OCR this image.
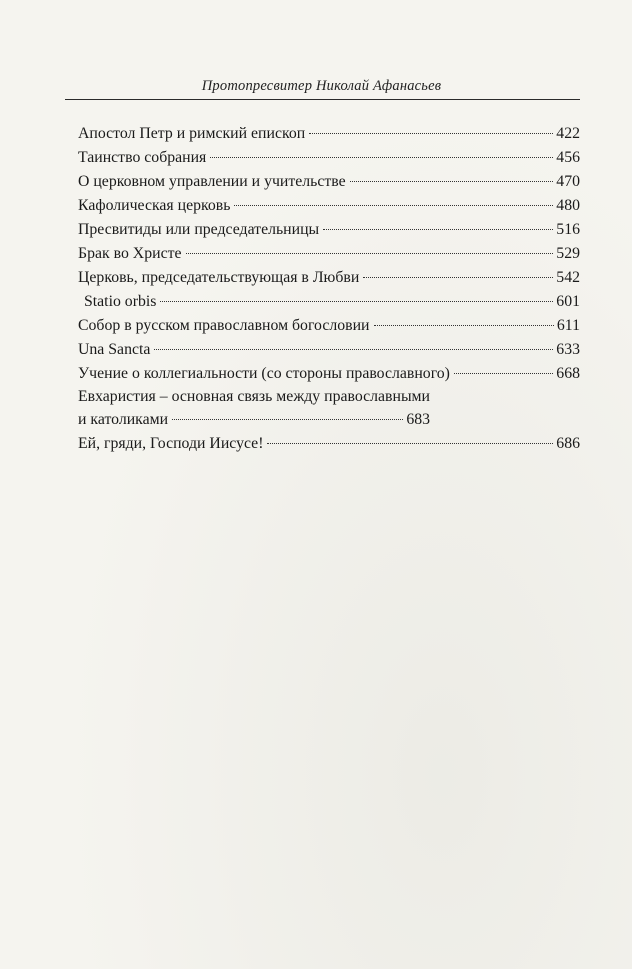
Протопресвитер Николай Афанасьев
Апостол Петр и римский епископ	422
Таинство собрания	456
О церковном управлении и учительстве	470
Кафолическая церковь	480
Пресвитиды или председательницы	516
Брак во Христе	529
Церковь, председательствующая в Любви	542
Statio orbis	601
Собор в русском православном богословии	611
Una Sancta	633
Учение о коллегиальности (со стороны православного)	668
Евхаристия – основная связь между православными
и католиками	683
Ей, гряди, Господи Иисусе!	686
